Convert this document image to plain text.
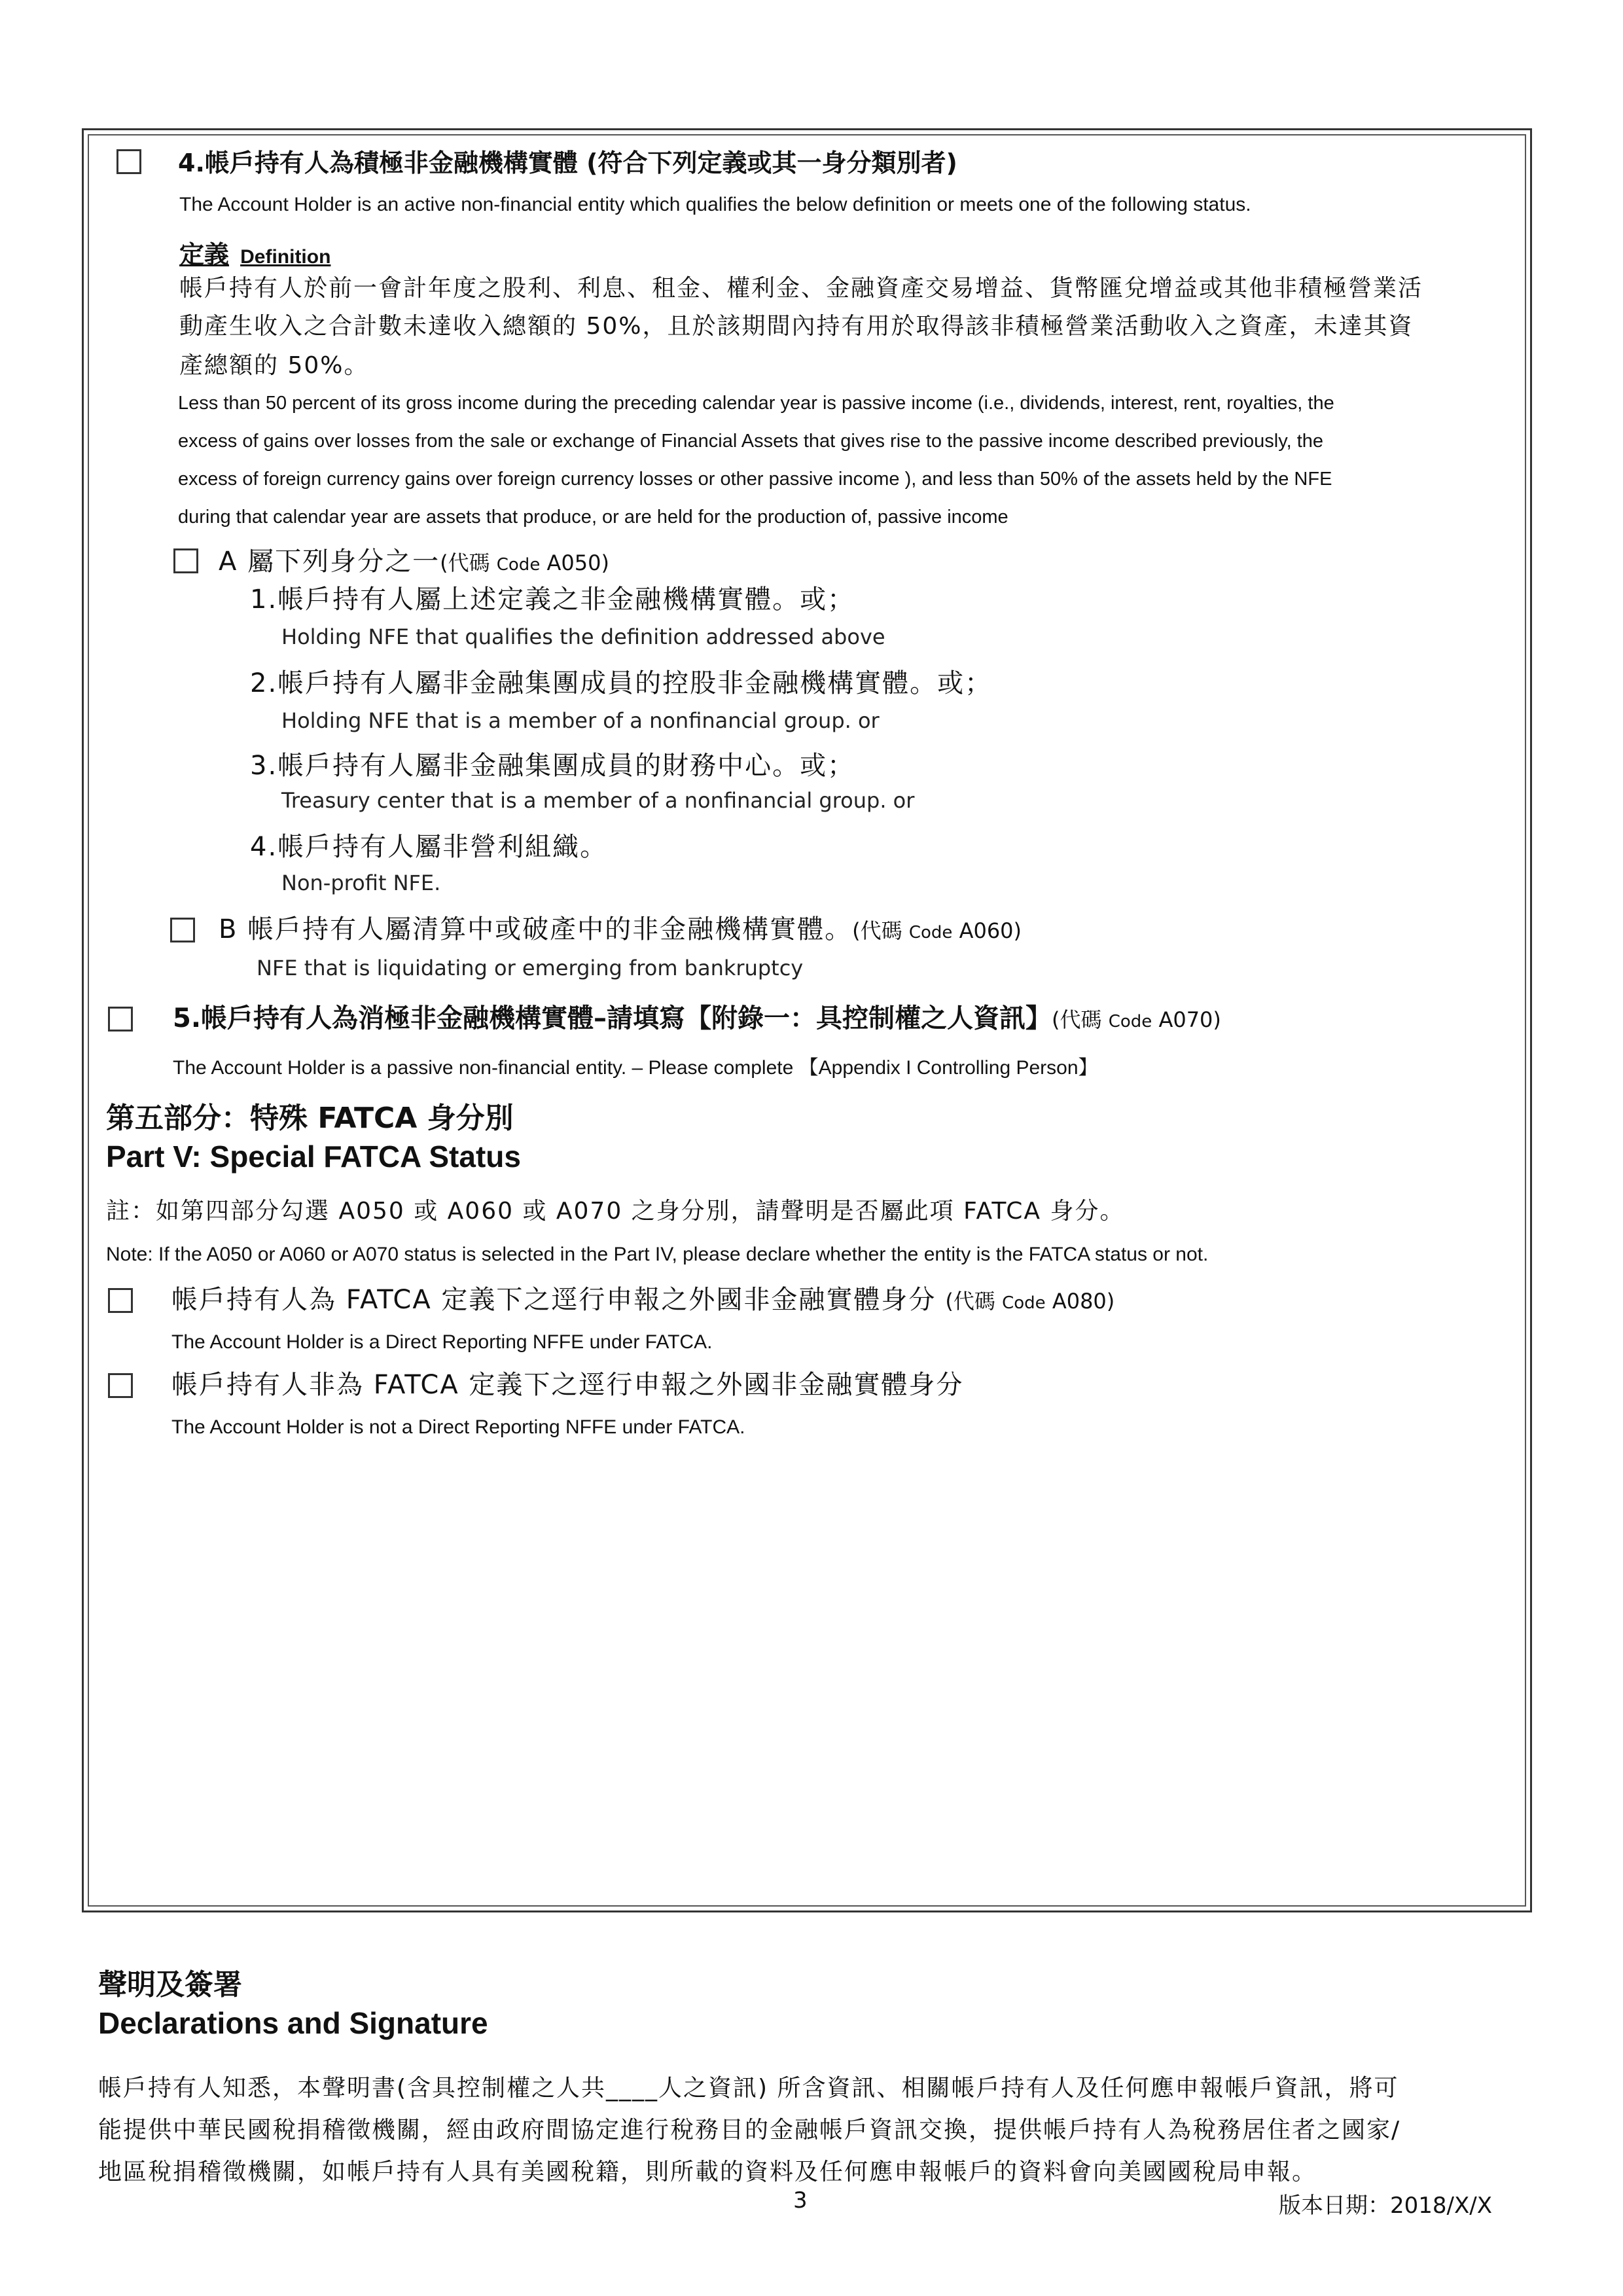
4.帳戶持有人為積極非金融機構實體 (符合下列定義或其一身分類別者)
The Account Holder is an active non-financial entity which qualifies the below definition or meets one of the following status.
定義 Definition
帳戶持有人於前一會計年度之股利、利息、租金、權利金、金融資產交易增益、貨幣匯兌增益或其他非積極營業活
動產生收入之合計數未達收入總額的 50%，且於該期間內持有用於取得該非積極營業活動收入之資產，未達其資
產總額的 50%。
Less than 50 percent of its gross income during the preceding calendar year is passive income (i.e., dividends, interest, rent, royalties, the
excess of gains over losses from the sale or exchange of Financial Assets that gives rise to the passive income described previously, the
excess of foreign currency gains over foreign currency losses or other passive income ), and less than 50% of the assets held by the NFE
during that calendar year are assets that produce, or are held for the production of, passive income
A 屬下列身分之一(代碼 Code A050)
1.帳戶持有人屬上述定義之非金融機構實體。或；
Holding NFE that qualifies the definition addressed above
2.帳戶持有人屬非金融集團成員的控股非金融機構實體。或；
Holding NFE that is a member of a nonfinancial group. or
3.帳戶持有人屬非金融集團成員的財務中心。或；
Treasury center that is a member of a nonfinancial group. or
4.帳戶持有人屬非營利組織。
Non-profit NFE.
B 帳戶持有人屬清算中或破產中的非金融機構實體。(代碼 Code A060)
NFE that is liquidating or emerging from bankruptcy
5.帳戶持有人為消極非金融機構實體–請填寫【附錄一：具控制權之人資訊】(代碼 Code A070)
The Account Holder is a passive non-financial entity. – Please complete 【Appendix I Controlling Person】
第五部分：特殊 FATCA 身分別
Part V: Special FATCA Status
註：如第四部分勾選 A050 或 A060 或 A070 之身分別，請聲明是否屬此項 FATCA 身分。
Note: If the A050 or A060 or A070 status is selected in the Part IV, please declare whether the entity is the FATCA status or not.
帳戶持有人為 FATCA 定義下之逕行申報之外國非金融實體身分 (代碼 Code A080)
The Account Holder is a Direct Reporting NFFE under FATCA.
帳戶持有人非為 FATCA 定義下之逕行申報之外國非金融實體身分
The Account Holder is not a Direct Reporting NFFE under FATCA.
聲明及簽署
Declarations and Signature
帳戶持有人知悉，本聲明書(含具控制權之人共____人之資訊) 所含資訊、相關帳戶持有人及任何應申報帳戶資訊，將可
能提供中華民國稅捐稽徵機關，經由政府間協定進行稅務目的金融帳戶資訊交換，提供帳戶持有人為稅務居住者之國家/
地區稅捐稽徵機關，如帳戶持有人具有美國稅籍，則所載的資料及任何應申報帳戶的資料會向美國國稅局申報。
3	版本日期：2018/X/X
